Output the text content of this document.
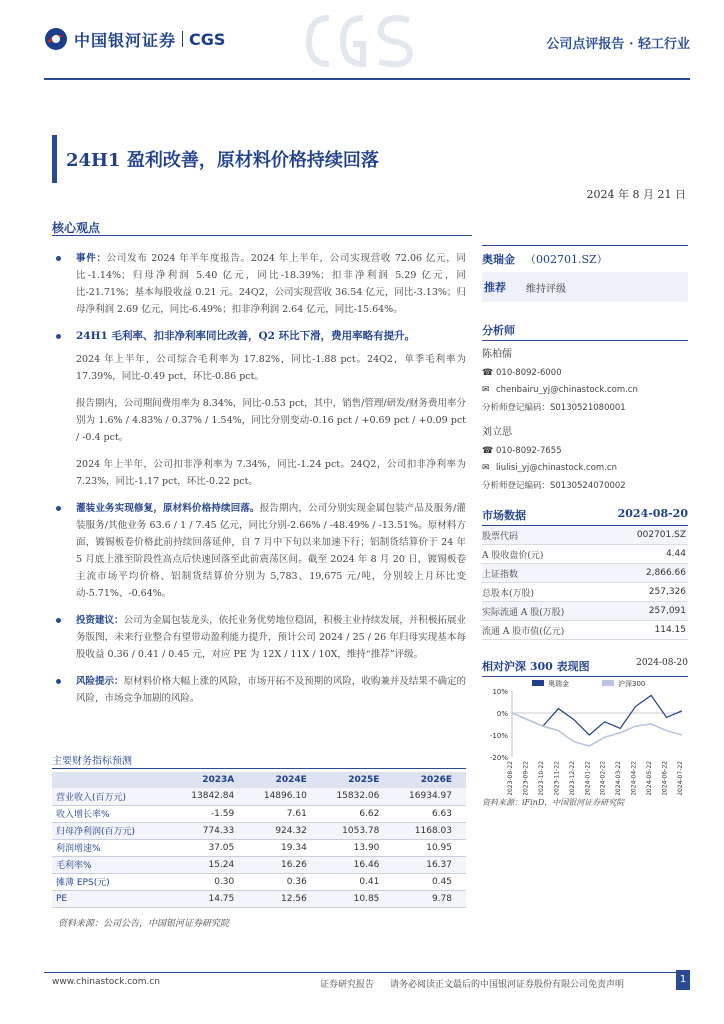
中国银河证券 CGS	公司点评报告 · 轻工行业
24H1 盈利改善，原材料价格持续回落
2024 年 8 月 21 日
核心观点
事件：公司发布 2024 年半年度报告。2024 年上半年，公司实现营收 72.06 亿元，同比-1.14%；归母净利润 5.40 亿元，同比-18.39%；扣非净利润 5.29 亿元，同比-21.71%；基本每股收益 0.21 元。24Q2，公司实现营收 36.54 亿元，同比-3.13%；归母净利润 2.69 亿元，同比-6.49%；扣非净利润 2.64 亿元，同比-15.64%。
24H1 毛利率、扣非净利率同比改善，Q2 环比下滑，费用率略有提升。
2024 年上半年，公司综合毛利率为 17.82%，同比-1.88 pct。24Q2，单季毛利率为 17.39%，同比-0.49 pct，环比-0.86 pct。
报告期内，公司期间费用率为 8.34%，同比-0.53 pct，其中，销售/管理/研发/财务费用率分别为 1.6% / 4.83% / 0.37% / 1.54%，同比分别变动-0.16 pct / +0.69 pct / +0.09 pct / -0.4 pct。
2024 年上半年，公司扣非净利率为 7.34%，同比-1.24 pct。24Q2，公司扣非净利率为 7.23%，同比-1.17 pct，环比-0.22 pct。
灌装业务实现修复，原材料价格持续回落。报告期内，公司分别实现金属包装产品及服务/灌装服务/其他业务 63.6 / 1 / 7.45 亿元，同比分别-2.66% / -48.49% / -13.51%。原材料方面，镀锡板卷价格此前持续回落延伸，自 7 月中下旬以来加速下行；铝制货结算价于 24 年 5 月底上涨至阶段性高点后快速回落至此前震荡区间。截至 2024 年 8 月 20 日，镀锡板卷主流市场平均价格、铝制货结算价分别为 5,783、19,675 元/吨，分别较上月环比变动-5.71%、-0.64%。
投资建议：公司为金属包装龙头，依托业务优势地位稳固，积极主业持续发展，并积极拓展业务版图，未来行业整合有望带动盈利能力提升，预计公司 2024 / 25 / 26 年归母实现基本每股收益 0.36 / 0.41 / 0.45 元，对应 PE 为 12X / 11X / 10X，维持“推荐”评级。
风险提示：原材料价格大幅上涨的风险，市场开拓不及预期的风险，收购兼并及结果不确定的风险，市场竞争加剧的风险。
主要财务指标预测
	2023A	2024E	2025E	2026E
营业收入(百万元)	13842.84	14896.10	15832.06	16934.97
收入增长率%	-1.59	7.61	6.62	6.63
归母净利润(百万元)	774.33	924.32	1053.78	1168.03
利润增速%	37.05	19.34	13.90	10.95
毛利率%	15.24	16.26	16.46	16.37
摊薄 EPS(元)	0.30	0.36	0.41	0.45
PE	14.75	12.56	10.85	9.78
资料来源：公司公告，中国银河证券研究院
奥瑞金 （002701.SZ）
推荐 维持评级
分析师
陈柏儒
☎ 010-8092-6000
✉ chenbairu_yj@chinastock.com.cn
分析师登记编码：S0130521080001
刘立思
☎ 010-8092-7655
✉ liulisi_yj@chinastock.com.cn
分析师登记编码：S0130524070002
市场数据	2024-08-20
股票代码	002701.SZ
A 股收盘价(元)	4.44
上证指数	2,866.66
总股本(万股)	257,326
实际流通 A 股(万股)	257,091
流通 A 股市值(亿元)	114.15
相对沪深 300 表现图	2024-08-20
奥瑞金	沪深300
10%
0%
-10%
-20%
2023-08-22 2023-09-22 2023-10-22 2023-11-22 2023-12-22 2024-01-22 2024-02-22 2024-03-22 2024-04-22 2024-05-22 2024-06-22 2024-07-22
资料来源：iFinD，中国银河证券研究院
www.chinastock.com.cn	证券研究报告 请务必阅读正文最后的中国银河证券股份有限公司免责声明	1
